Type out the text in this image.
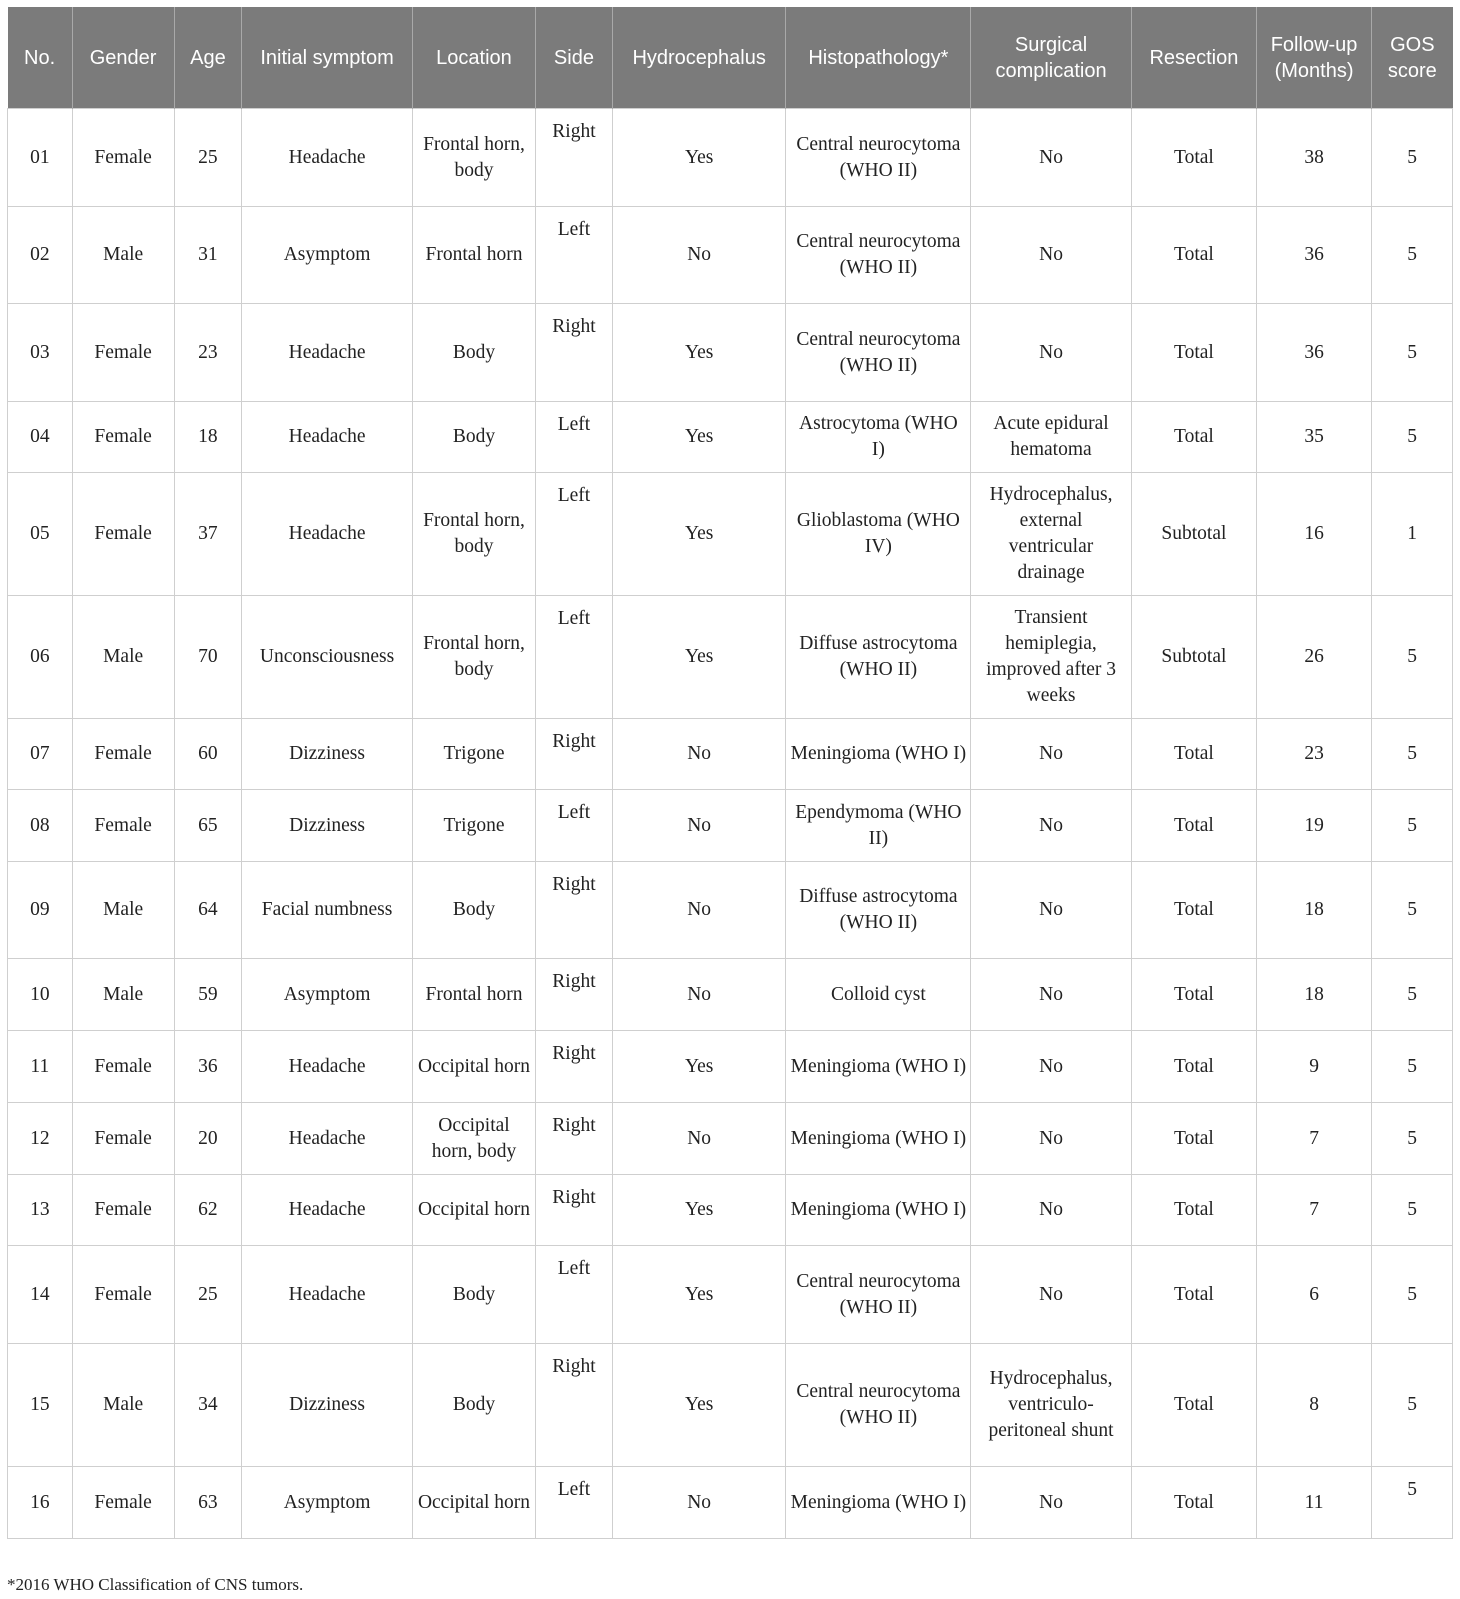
No.	Gender	Age	Initial symptom	Location	Side	Hydrocephalus	Histopathology*	Surgical complication	Resection	Follow-up (Months)	GOS score
01	Female	25	Headache	Frontal horn, body	Right	Yes	Central neurocytoma (WHO II)	No	Total	38	5
02	Male	31	Asymptom	Frontal horn	Left	No	Central neurocytoma (WHO II)	No	Total	36	5
03	Female	23	Headache	Body	Right	Yes	Central neurocytoma (WHO II)	No	Total	36	5
04	Female	18	Headache	Body	Left	Yes	Astrocytoma (WHO I)	Acute epidural hematoma	Total	35	5
05	Female	37	Headache	Frontal horn, body	Left	Yes	Glioblastoma (WHO IV)	Hydrocephalus, external ventricular drainage	Subtotal	16	1
06	Male	70	Unconsciousness	Frontal horn, body	Left	Yes	Diffuse astrocytoma (WHO II)	Transient hemiplegia, improved after 3 weeks	Subtotal	26	5
07	Female	60	Dizziness	Trigone	Right	No	Meningioma (WHO I)	No	Total	23	5
08	Female	65	Dizziness	Trigone	Left	No	Ependymoma (WHO II)	No	Total	19	5
09	Male	64	Facial numbness	Body	Right	No	Diffuse astrocytoma (WHO II)	No	Total	18	5
10	Male	59	Asymptom	Frontal horn	Right	No	Colloid cyst	No	Total	18	5
11	Female	36	Headache	Occipital horn	Right	Yes	Meningioma (WHO I)	No	Total	9	5
12	Female	20	Headache	Occipital horn, body	Right	No	Meningioma (WHO I)	No	Total	7	5
13	Female	62	Headache	Occipital horn	Right	Yes	Meningioma (WHO I)	No	Total	7	5
14	Female	25	Headache	Body	Left	Yes	Central neurocytoma (WHO II)	No	Total	6	5
15	Male	34	Dizziness	Body	Right	Yes	Central neurocytoma (WHO II)	Hydrocephalus, ventriculo-peritoneal shunt	Total	8	5
16	Female	63	Asymptom	Occipital horn	Left	No	Meningioma (WHO I)	No	Total	11	5
*2016 WHO Classification of CNS tumors.
